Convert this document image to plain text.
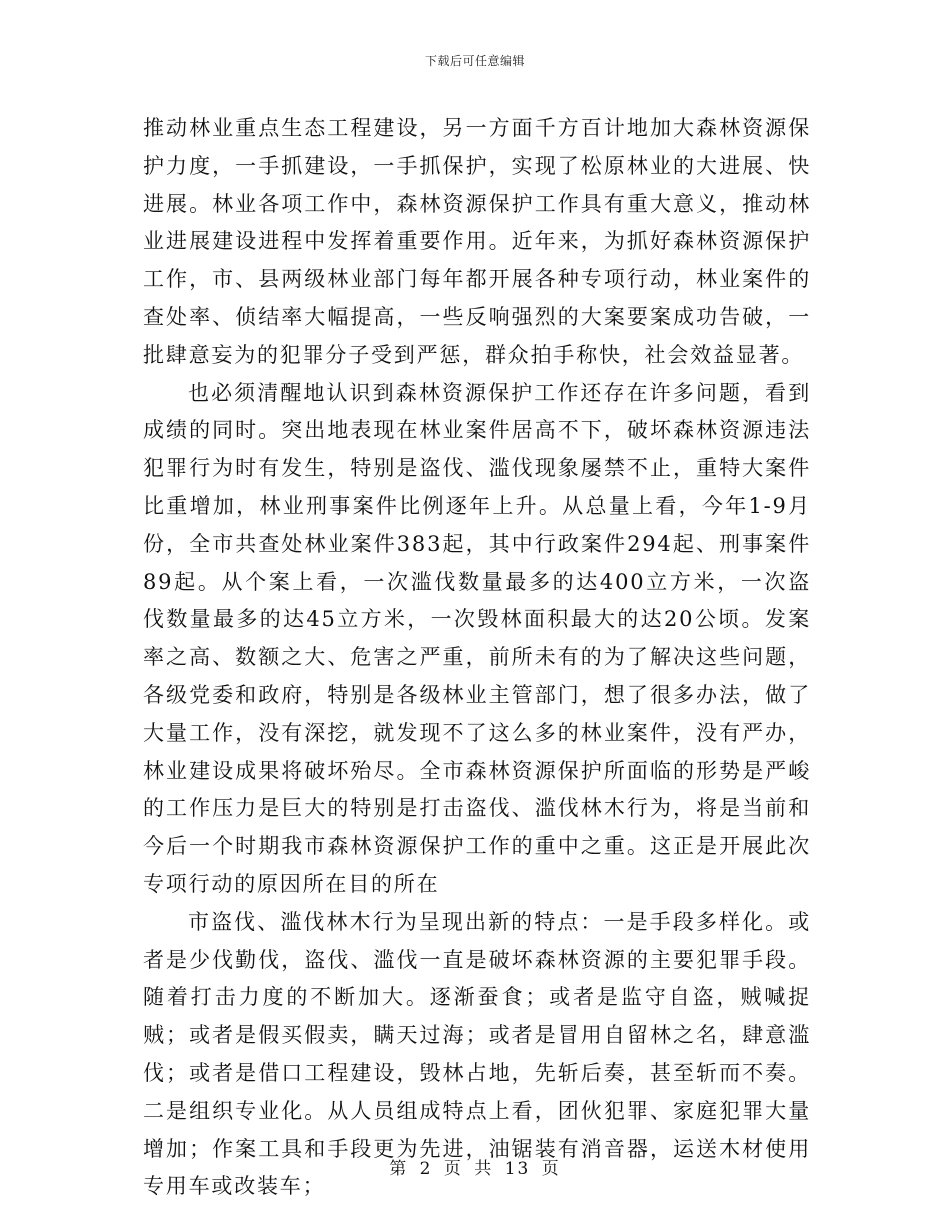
下载后可任意编辑

推动林业重点生态工程建设，另一方面千方百计地加大森林资源保护力度，一手抓建设，一手抓保护，实现了松原林业的大进展、快进展。林业各项工作中，森林资源保护工作具有重大意义，推动林业进展建设进程中发挥着重要作用。近年来，为抓好森林资源保护工作，市、县两级林业部门每年都开展各种专项行动，林业案件的查处率、侦结率大幅提高，一些反响强烈的大案要案成功告破，一批肆意妄为的犯罪分子受到严惩，群众拍手称快，社会效益显著。

也必须清醒地认识到森林资源保护工作还存在许多问题，看到成绩的同时。突出地表现在林业案件居高不下，破坏森林资源违法犯罪行为时有发生，特别是盗伐、滥伐现象屡禁不止，重特大案件比重增加，林业刑事案件比例逐年上升。从总量上看，今年1-9月份，全市共查处林业案件383起，其中行政案件294起、刑事案件89起。从个案上看，一次滥伐数量最多的达400立方米，一次盗伐数量最多的达45立方米，一次毁林面积最大的达20公顷。发案率之高、数额之大、危害之严重，前所未有的为了解决这些问题，各级党委和政府，特别是各级林业主管部门，想了很多办法，做了大量工作，没有深挖，就发现不了这么多的林业案件，没有严办，林业建设成果将破坏殆尽。全市森林资源保护所面临的形势是严峻的工作压力是巨大的特别是打击盗伐、滥伐林木行为，将是当前和今后一个时期我市森林资源保护工作的重中之重。这正是开展此次专项行动的原因所在目的所在

市盗伐、滥伐林木行为呈现出新的特点：一是手段多样化。或者是少伐勤伐，盗伐、滥伐一直是破坏森林资源的主要犯罪手段。随着打击力度的不断加大。逐渐蚕食；或者是监守自盗，贼喊捉贼；或者是假买假卖，瞒天过海；或者是冒用自留林之名，肆意滥伐；或者是借口工程建设，毁林占地，先斩后奏，甚至斩而不奏。二是组织专业化。从人员组成特点上看，团伙犯罪、家庭犯罪大量增加；作案工具和手段更为先进，油锯装有消音器，运送木材使用专用车或改装车；

第 2 页 共 13 页
